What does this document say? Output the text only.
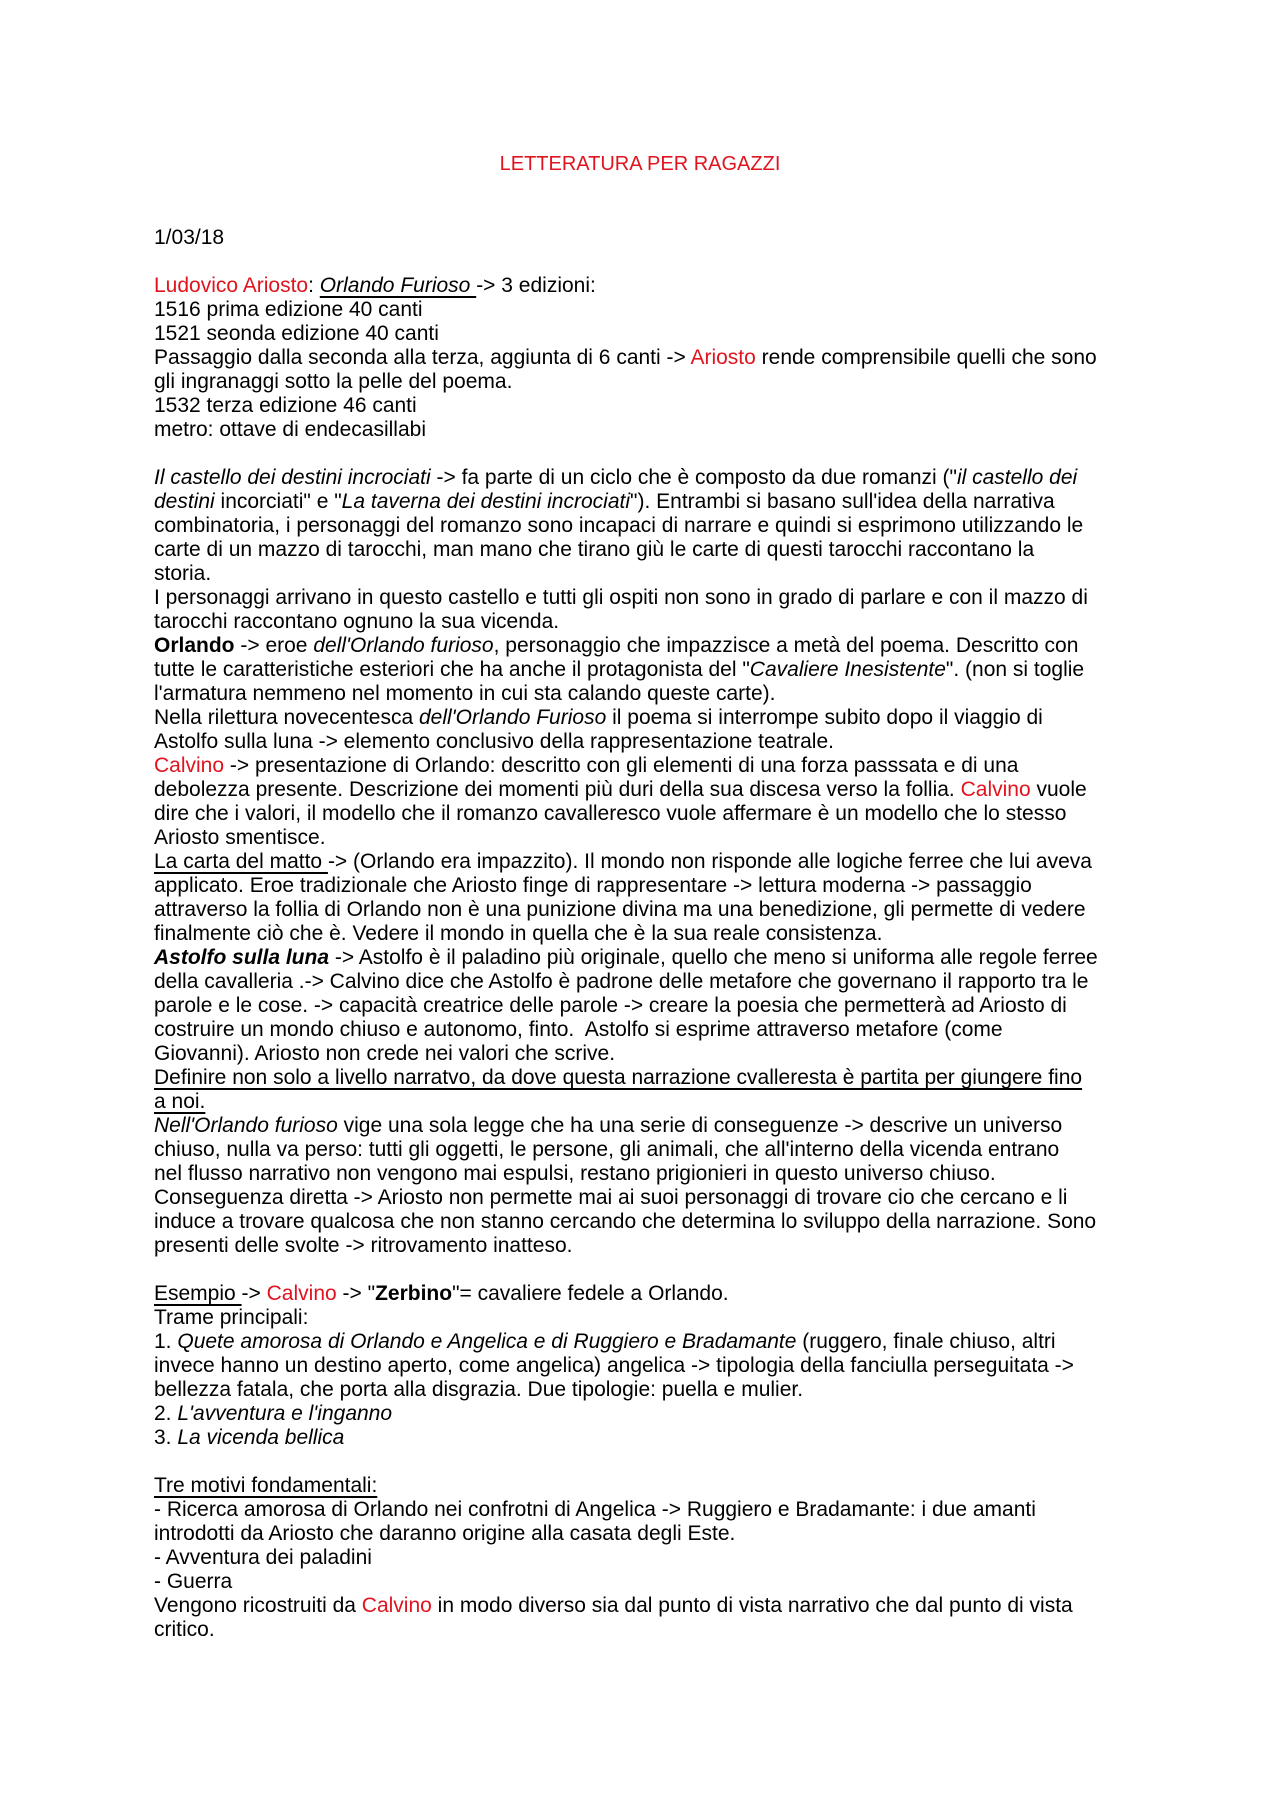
LETTERATURA PER RAGAZZI
1/03/18
Ludovico Ariosto: Orlando Furioso -> 3 edizioni:
1516 prima edizione 40 canti
1521 seonda edizione 40 canti
Passaggio dalla seconda alla terza, aggiunta di 6 canti -> Ariosto rende comprensibile quelli che sono
gli ingranaggi sotto la pelle del poema.
1532 terza edizione 46 canti
metro: ottave di endecasillabi
Il castello dei destini incrociati -> fa parte di un ciclo che è composto da due romanzi ("il castello dei
destini incorciati" e "La taverna dei destini incrociati"). Entrambi si basano sull'idea della narrativa
combinatoria, i personaggi del romanzo sono incapaci di narrare e quindi si esprimono utilizzando le
carte di un mazzo di tarocchi, man mano che tirano giù le carte di questi tarocchi raccontano la
storia.
I personaggi arrivano in questo castello e tutti gli ospiti non sono in grado di parlare e con il mazzo di
tarocchi raccontano ognuno la sua vicenda.
Orlando -> eroe dell'Orlando furioso, personaggio che impazzisce a metà del poema. Descritto con
tutte le caratteristiche esteriori che ha anche il protagonista del "Cavaliere Inesistente". (non si toglie
l'armatura nemmeno nel momento in cui sta calando queste carte).
Nella rilettura novecentesca dell'Orlando Furioso il poema si interrompe subito dopo il viaggio di
Astolfo sulla luna -> elemento conclusivo della rappresentazione teatrale.
Calvino -> presentazione di Orlando: descritto con gli elementi di una forza passsata e di una
debolezza presente. Descrizione dei momenti più duri della sua discesa verso la follia. Calvino vuole
dire che i valori, il modello che il romanzo cavalleresco vuole affermare è un modello che lo stesso
Ariosto smentisce.
La carta del matto -> (Orlando era impazzito). Il mondo non risponde alle logiche ferree che lui aveva
applicato. Eroe tradizionale che Ariosto finge di rappresentare -> lettura moderna -> passaggio
attraverso la follia di Orlando non è una punizione divina ma una benedizione, gli permette di vedere
finalmente ciò che è. Vedere il mondo in quella che è la sua reale consistenza.
Astolfo sulla luna -> Astolfo è il paladino più originale, quello che meno si uniforma alle regole ferree
della cavalleria .-> Calvino dice che Astolfo è padrone delle metafore che governano il rapporto tra le
parole e le cose. -> capacità creatrice delle parole -> creare la poesia che permetterà ad Ariosto di
costruire un mondo chiuso e autonomo, finto.  Astolfo si esprime attraverso metafore (come
Giovanni). Ariosto non crede nei valori che scrive.
Definire non solo a livello narratvo, da dove questa narrazione cvalleresta è partita per giungere fino
a noi.
Nell'Orlando furioso vige una sola legge che ha una serie di conseguenze -> descrive un universo
chiuso, nulla va perso: tutti gli oggetti, le persone, gli animali, che all'interno della vicenda entrano
nel flusso narrativo non vengono mai espulsi, restano prigionieri in questo universo chiuso.
Conseguenza diretta -> Ariosto non permette mai ai suoi personaggi di trovare cio che cercano e li
induce a trovare qualcosa che non stanno cercando che determina lo sviluppo della narrazione. Sono
presenti delle svolte -> ritrovamento inatteso.
Esempio -> Calvino -> "Zerbino"= cavaliere fedele a Orlando.
Trame principali:
1. Quete amorosa di Orlando e Angelica e di Ruggiero e Bradamante (ruggero, finale chiuso, altri
invece hanno un destino aperto, come angelica) angelica -> tipologia della fanciulla perseguitata ->
bellezza fatala, che porta alla disgrazia. Due tipologie: puella e mulier.
2. L'avventura e l'inganno
3. La vicenda bellica
Tre motivi fondamentali:
- Ricerca amorosa di Orlando nei confrotni di Angelica -> Ruggiero e Bradamante: i due amanti
introdotti da Ariosto che daranno origine alla casata degli Este.
- Avventura dei paladini
- Guerra
Vengono ricostruiti da Calvino in modo diverso sia dal punto di vista narrativo che dal punto di vista
critico.
